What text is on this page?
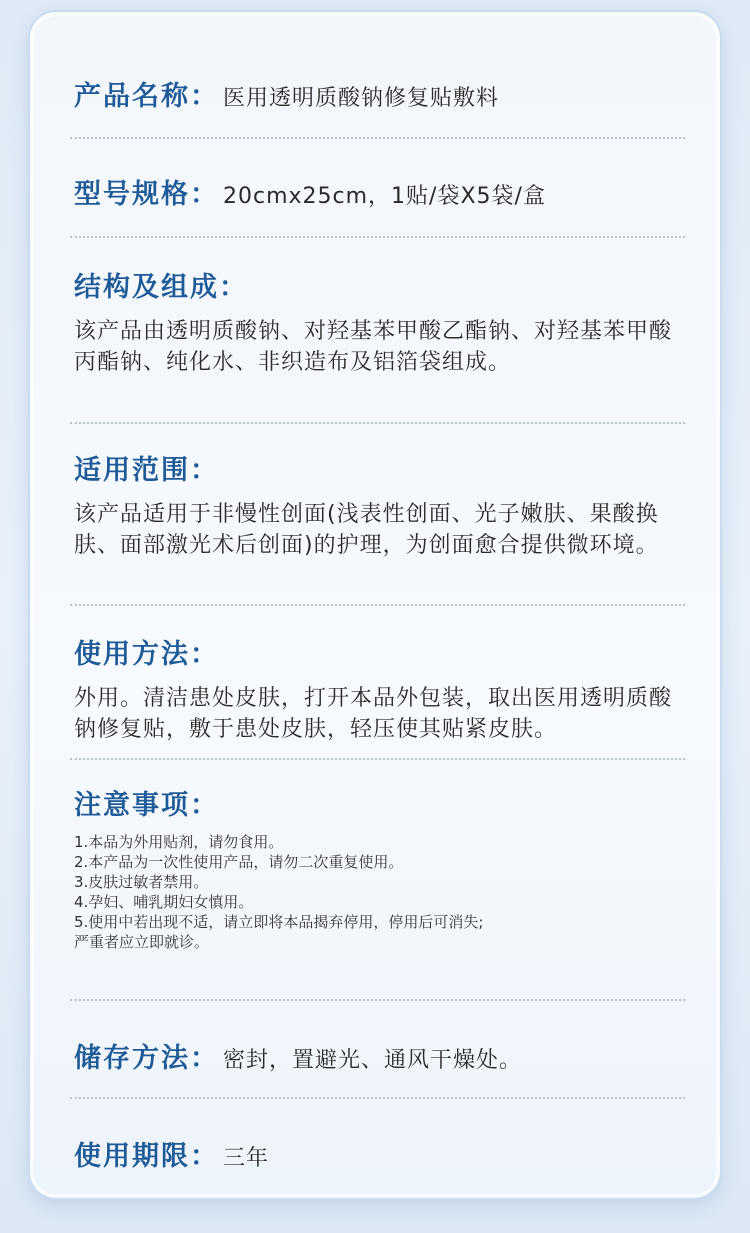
产品名称 ： 医用透明质酸钠修复贴敷料
型号规格 ： 20cmx25cm，1贴/袋X5袋/盒
结构及组成 ：
该产品由透明质酸钠、对羟基苯甲酸乙酯钠、对羟基苯甲酸丙酯钠、纯化水、非织造布及铝箔袋组成。
适用范围 ：
该产品适用于非慢性创面(浅表性创面、光子嫩肤、果酸换肤、面部激光术后创面)的护理，为创面愈合提供微环境。
使用方法 ：
外用。清洁患处皮肤，打开本品外包装，取出医用透明质酸钠修复贴，敷于患处皮肤，轻压使其贴紧皮肤。
注意事项 ：
1.本品为外用贴剂，请勿食用。
2.本产品为一次性使用产品，请勿二次重复使用。
3.皮肤过敏者禁用。
4.孕妇、哺乳期妇女慎用。
5.使用中若出现不适，请立即将本品揭弃停用，停用后可消失;
严重者应立即就诊。
储存方法 ： 密封，置避光、通风干燥处。
使用期限 ： 三年
